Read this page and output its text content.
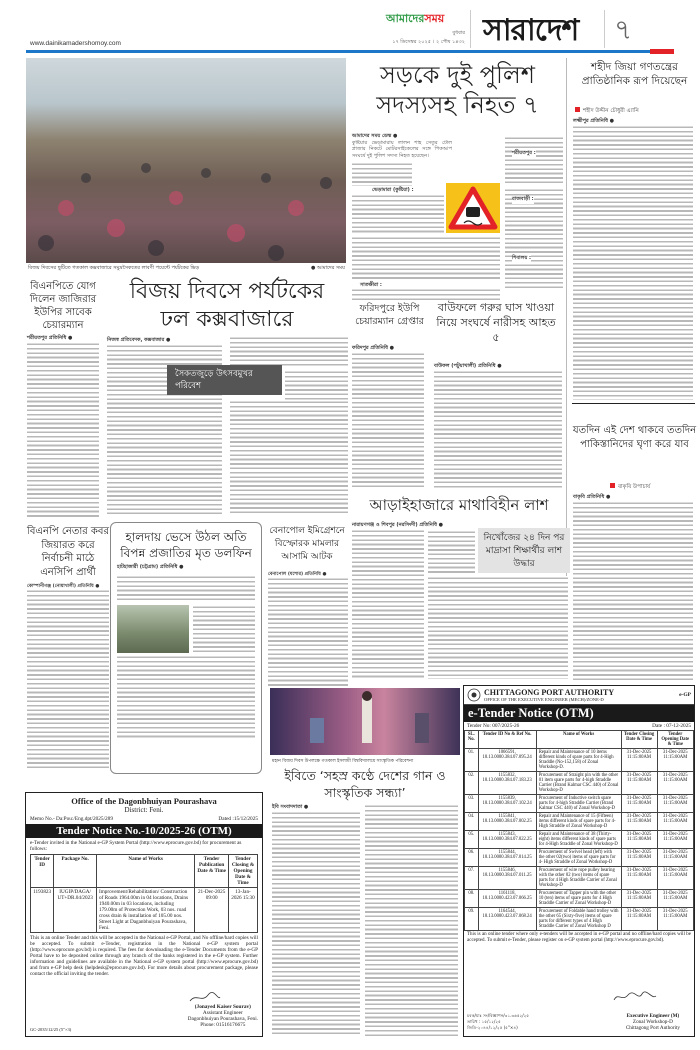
www.dainikamadershomoy.com
আমাদেরসময়
বুধবার
১৭ ডিসেম্বর ২০২৫ । ২ পৌষ ১৪৩২ সারাদেশ ৭
বিজয় দিবসের ছুটিতে গতকাল কক্সবাজারে সমুদ্রসৈকতের লাবণী পয়েন্টে পর্যটকের ভিড়	● আমাদের সময়
সড়কে দুই পুলিশ
সদস্যসহ নিহত ৭
আমাদের সময় ডেস্ক ●
কুষ্টিয়ার ভেড়ামারায় লালন শাহ সেতুর টোল প্লাজার নিকটে মোটরসাইকেলের সঙ্গে পিকআপ সংঘর্ষে দুই পুলিশ সদস্য নিহত হয়েছেন।
ভেড়ামারা (কুষ্টিয়া) :
সাতক্ষীরা :
শরীয়তপুর :
রাজবাড়ী :
শিবালয় :
শহীদ জিয়া গণতন্ত্রের প্রাতিষ্ঠানিক রূপ দিয়েছেন
শহীদ উদ্দীন চৌধুরী এ্যানি
লক্ষ্মীপুর প্রতিনিধি ●
বিএনপিতে যোগ দিলেন জাজিরার ইউপির সাবেক চেয়ারম্যান
শরীয়তপুর প্রতিনিধি ●
বিজয় দিবসে পর্যটকের
ঢল কক্সবাজারে
নিজস্ব প্রতিবেদক, কক্সবাজার ●
সৈকতজুড়ে উৎসবমুখর পরিবেশ
ফরিদপুরে ইউপি চেয়ারম্যান গ্রেপ্তার
ফরিদপুর প্রতিনিধি ●
বাউফলে গরুর ঘাস খাওয়া নিয়ে সংঘর্ষে নারীসহ আহত ৫
বাউফল (পটুয়াখালী) প্রতিনিধি ●
যতদিন এই দেশ থাকবে ততদিন পাকিস্তানিদের ঘৃণা করে যাব
বাকৃবি উপাচার্য
বাকৃবি প্রতিনিধি ●
আড়াইহাজারে মাথাবিহীন লাশ
নারায়ণগঞ্জ ও শিবপুর (নরসিংদী) প্রতিনিধি ●
নিখোঁজের ২৪ দিন পর মাদ্রাসা শিক্ষার্থীর লাশ উদ্ধার
বিএনপি নেতার কবর জিয়ারত করে নির্বাচনী মাঠে এনসিপি প্রার্থী
কোম্পানীগঞ্জ (নোয়াখালী) প্রতিনিধি ●
হালদায় ভেসে উঠল অতি বিপন্ন প্রজাতির মৃত ডলফিন
হাটহাজারী (চট্টগ্রাম) প্রতিনিধি ●
বেনাপোল ইমিগ্রেশনে বিস্ফোরক মামলার আসামি আটক
বেনাপোল (যশোর) প্রতিনিধি ●
মহান বিজয় দিবস উপলক্ষে গতকাল ইসলামী বিশ্ববিদ্যালয়ে সাংস্কৃতিক পরিবেশনা
ইবিতে ‘সহস্র কণ্ঠে দেশের গান ও সাংস্কৃতিক সন্ধ্যা’
ইবি সংবাদদাতা ●
Office of the Dagonbhuiyan Pourashava
District: Feni.
Memo No.- Da:Pou:/Eng.dpt/2025/289	Dated :15/12/2025
Tender Notice No.-10/2025-26 (OTM)
e-Tender invited in the National e-GP System Portal (http://www.eprocure.gov.bd) for procurement as follows:
Tender ID	Package No.	Name of Works	Tender Publication Date & Time	Tender Closing & Opening Date & Time
1193823	IUGIP/DAGA/ UT+DR.04/2023	Improvement/Rehabilitation/ Construction of Roads 1964.00m in 04 locations, Drains 1940.00m in 03 locations, including 179.00m of Protection Work, 03 nos. road cross drain & installation of 105.00 nos. Street Light at Daganbhuiyan Pourashava, Feni.	21-Dec-2025 09:00	13-Jan-2026 15:30
This is an online Tender and this will be accepted in the National e-GP Portal, and No offline/hard copies will be accepted. To submit e-Tender, registration in the National e-GP system portal (http://www.eprocure.gov.bd) is required. The fees for downloading the e-Tender Documents from the e-GP Portal have to be deposited online through any branch of the banks registered in the e-GP system. Further information and guidelines are available in the National e-GP system portal (http://www.eprocure.gov.bd) and from e-GP help desk (helpdesk@eprocure.gov.bd). For more details about procurement package, please contact the official inviting the tender.
(Jonayed Kaiser Sourav)
Assistant Engineer
Dagonbhuiyan Pourashava, Feni.
Phone: 01516176675
GC-2035/12/25 (5"×3)
CHITTAGONG PORT AUTHORITY
OFFICE OF THE EXECUTIVE ENGINEER (MECH)/ZONE-D
e-GP
e-Tender Notice (OTM)
Tender No: 007/2025-26	Date : 07-12-2025
SL. No.	Tender ID No & Ref No.	Name of Works	Tender Closing Date & Time	Tender Opening Date & Time
01.	1066591, 18.13.0000.384.07.095.24	Repair and Maintenance of 10 items different kinds of spare parts for 4-High Straddle (No-152,158) of Zonal Workshop-D.	31-Dec-2025 11:15:00AM	31-Dec-2025 11:15:00AM
02.	1155832, 18.13.0000.384.07.183.23	Procurement of Straight pin with the other 01 item spare parts for 4-high Straddle Carrier (Brand Kalmar CSC 440) of Zonal Workshop-D	31-Dec-2025 11:15:00AM	31-Dec-2025 11:15:00AM
03.	1155839, 18.13.0000.384.07.102.24	Procurement of Inductive switch spare parts for 4-high Straddle Carrier (Brand Kalmar CSC 440) of Zonal Workshop-D	31-Dec-2025 11:15:00AM	31-Dec-2025 11:15:00AM
04.	1155841, 18.13.0000.384.07.002.25	Repair and Maintenance of 15 (Fifteen) items different kinds of spare parts for 4- High Straddle of Zonal Workshop-D	31-Dec-2025 11:15:00AM	31-Dec-2025 11:15:00AM
05.	1155843, 18.13.0000.384.07.022.25	Repair and Maintenance of 38 (Thirty-eight) items different kinds of spare parts for 4-High Straddle of Zonal Workshop-D	31-Dec-2025 11:15:00AM	31-Dec-2025 11:15:00AM
06.	1155844, 18.13.0000.384.07.014.25	Procurement of Swivel head (left) with the other 02(two) items of spare parts for 4- High Straddle of Zonal Workshop-D	31-Dec-2025 11:15:00AM	31-Dec-2025 11:15:00AM
07.	1155846, 18.13.0000.384.07.011.25	Procurement of wire rope pulley bearing with the other 02 (two) items of spare parts for 4 High Straddle Carrier of Zonal Workshop-D	31-Dec-2025 11:15:00AM	31-Dec-2025 11:15:00AM
08.	1161118, 18.13.0000.423.07.066.25	Procurement of Tapper pin with the other 10 (ten) items of spare parts for 4 High Straddle Carrier of Zonal Workshop-D	31-Dec-2025 11:15:00AM	31-Dec-2025 11:15:00AM
09.	1164544, 18.13.0000.423.07.068.24	Procurement of Foldable hand trolley with the other 65 (Sixty-five) items of spare parts for different types of 4 High Straddle Carrier of Zonal Workshop D	31-Dec-2025 11:15:00AM	31-Dec-2025 11:15:00AM
This is an online tender where only e-tenders will be accepted in e-GP portal and no offline/hard copies will be accepted. To submit e-Tender, please register on e-GP system portal (http://www.eprocure.gov.bd).
চবক/যাঃ সং/বিজ্ঞাপন/৩১.৩৬৫২/২৫
তারিখ : ১৫/১২/২৫
জিডি-২০৪৪/১২/২৫ (৫"×৪)
Executive Engineer (M)
Zonal Workshop-D
Chittagong Port Authority
